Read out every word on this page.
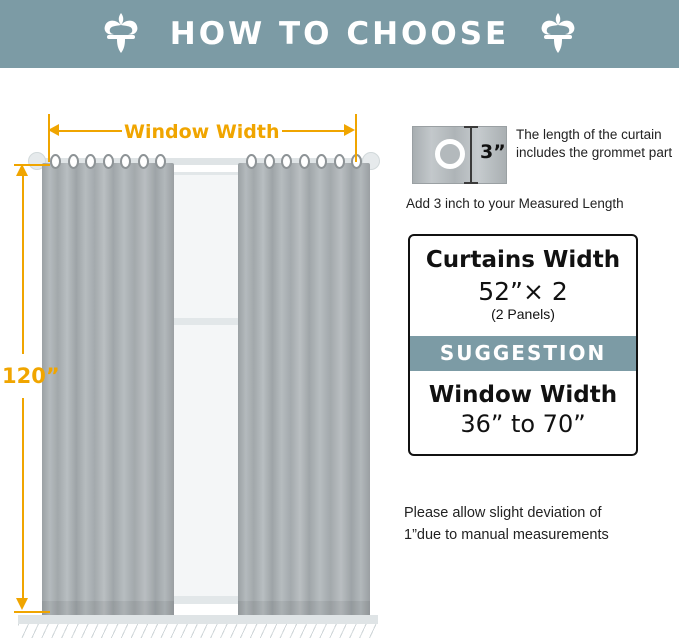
HOW TO CHOOSE
Window Width
120”
3”
The length of the curtain includes the grommet part
Add 3 inch to your Measured Length
Curtains Width
52”× 2
(2 Panels)
SUGGESTION
Window Width
36” to 70”
Please allow slight deviation of
1”due to manual measurements
